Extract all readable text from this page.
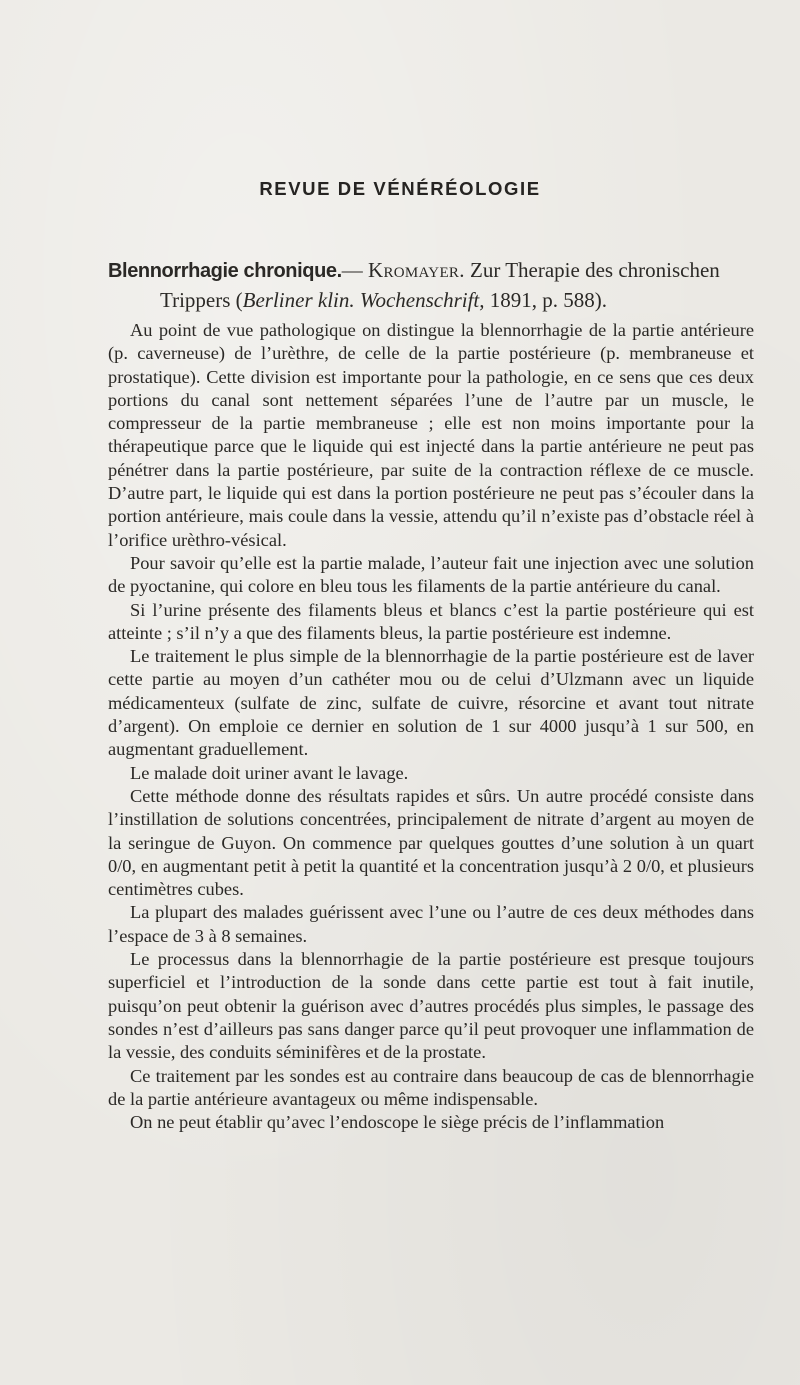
REVUE DE VÉNÉRÉOLOGIE
Blennorrhagie chronique.— Kromayer. Zur Therapie des chronischen
Trippers (Berliner klin. Wochenschrift, 1891, p. 588).

Au point de vue pathologique on distingue la blennorrhagie de la partie antérieure (p. caverneuse) de l’urèthre, de celle de la partie postérieure (p. membraneuse et prostatique). Cette division est importante pour la pathologie, en ce sens que ces deux portions du canal sont nettement séparées l’une de l’autre par un muscle, le compresseur de la partie membraneuse ; elle est non moins importante pour la thérapeutique parce que le liquide qui est injecté dans la partie antérieure ne peut pas pénétrer dans la partie postérieure, par suite de la contraction réflexe de ce muscle. D’autre part, le liquide qui est dans la portion postérieure ne peut pas s’écouler dans la portion antérieure, mais coule dans la vessie, attendu qu’il n’existe pas d’obstacle réel à l’orifice urèthro-vésical.

Pour savoir qu’elle est la partie malade, l’auteur fait une injection avec une solution de pyoctanine, qui colore en bleu tous les filaments de la partie antérieure du canal.

Si l’urine présente des filaments bleus et blancs c’est la partie postérieure qui est atteinte ; s’il n’y a que des filaments bleus, la partie postérieure est indemne.

Le traitement le plus simple de la blennorrhagie de la partie postérieure est de laver cette partie au moyen d’un cathéter mou ou de celui d’Ulzmann avec un liquide médicamenteux (sulfate de zinc, sulfate de cuivre, résorcine et avant tout nitrate d’argent). On emploie ce dernier en solution de 1 sur 4000 jusqu’à 1 sur 500, en augmentant graduellement.

Le malade doit uriner avant le lavage.

Cette méthode donne des résultats rapides et sûrs. Un autre procédé consiste dans l’instillation de solutions concentrées, principalement de nitrate d’argent au moyen de la seringue de Guyon. On commence par quelques gouttes d’une solution à un quart 0/0, en augmentant petit à petit la quantité et la concentration jusqu’à 2 0/0, et plusieurs centimètres cubes.

La plupart des malades guérissent avec l’une ou l’autre de ces deux méthodes dans l’espace de 3 à 8 semaines.

Le processus dans la blennorrhagie de la partie postérieure est presque toujours superficiel et l’introduction de la sonde dans cette partie est tout à fait inutile, puisqu’on peut obtenir la guérison avec d’autres procédés plus simples, le passage des sondes n’est d’ailleurs pas sans danger parce qu’il peut provoquer une inflammation de la vessie, des conduits séminifères et de la prostate.

Ce traitement par les sondes est au contraire dans beaucoup de cas de blennorrhagie de la partie antérieure avantageux ou même indispensable.

On ne peut établir qu’avec l’endoscope le siège précis de l’inflammation
